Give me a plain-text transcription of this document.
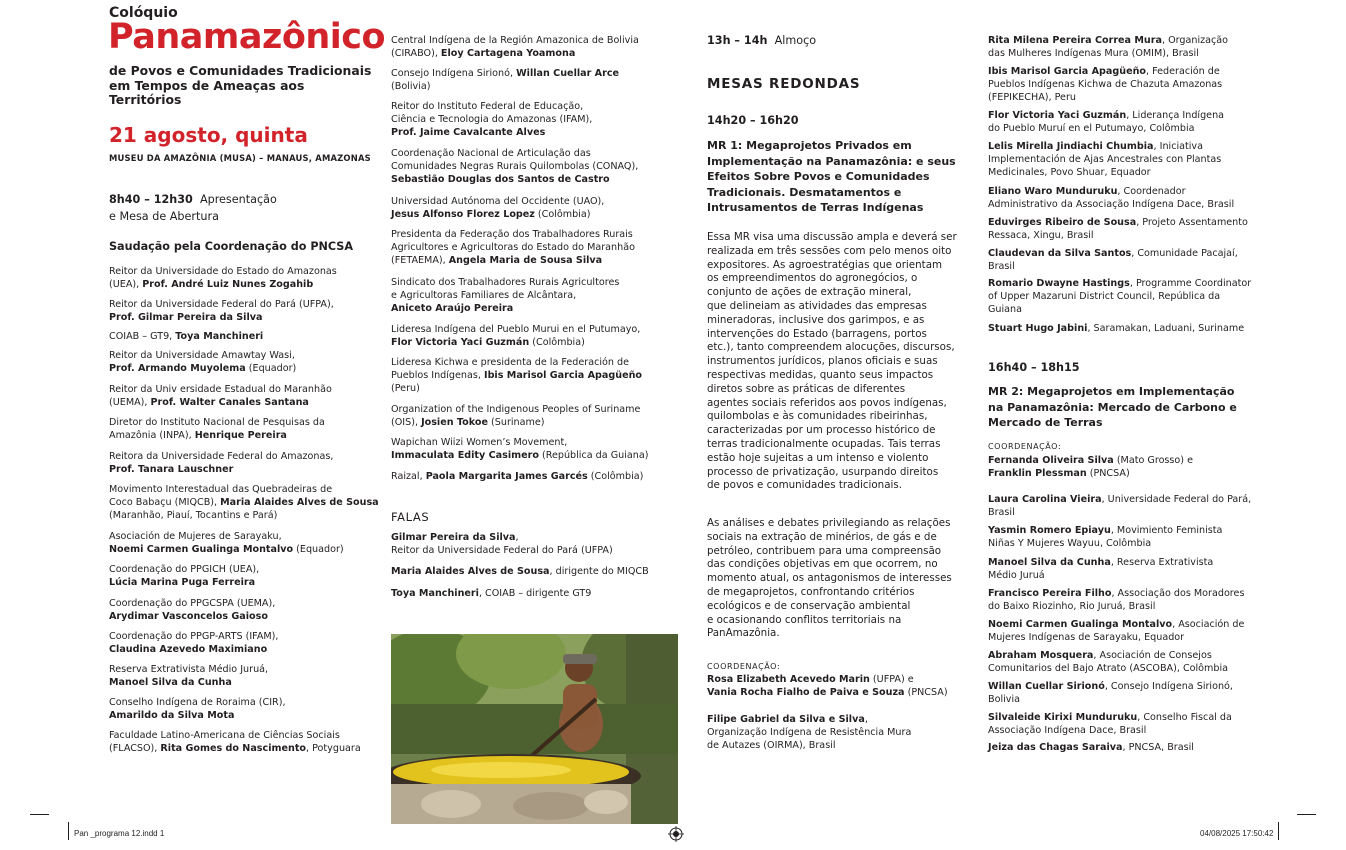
Colóquio
Panamazônico
de Povos e Comunidades Tradicionais
em Tempos de Ameaças aos Territórios
21 agosto, quinta
MUSEU DA AMAZÔNIA (MUSA) – MANAUS, AMAZONAS
8h40 – 12h30 Apresentação
e Mesa de Abertura
Saudação pela Coordenação do PNCSA
Reitor da Universidade do Estado do Amazonas
(UEA), Prof. André Luiz Nunes Zogahib
Reitor da Universidade Federal do Pará (UFPA),
Prof. Gilmar Pereira da Silva
COIAB – GT9, Toya Manchineri
Reitor da Universidade Amawtay Wasi,
Prof. Armando Muyolema (Equador)
Reitor da Univ ersidade Estadual do Maranhão
(UEMA), Prof. Walter Canales Santana
Diretor do Instituto Nacional de Pesquisas da
Amazônia (INPA), Henrique Pereira
Reitora da Universidade Federal do Amazonas,
Prof. Tanara Lauschner
Movimento Interestadual das Quebradeiras de
Coco Babaçu (MIQCB), Maria Alaides Alves de Sousa
(Maranhão, Piauí, Tocantins e Pará)
Asociación de Mujeres de Sarayaku,
Noemi Carmen Gualinga Montalvo (Equador)
Coordenação do PPGICH (UEA),
Lúcia Marina Puga Ferreira
Coordenação do PPGCSPA (UEMA),
Arydimar Vasconcelos Gaioso
Coordenação do PPGP-ARTS (IFAM),
Claudina Azevedo Maximiano
Reserva Extrativista Médio Juruá,
Manoel Silva da Cunha
Conselho Indígena de Roraima (CIR),
Amarildo da Silva Mota
Faculdade Latino-Americana de Ciências Sociais
(FLACSO), Rita Gomes do Nascimento, Potyguara
Central Indígena de la Región Amazonica de Bolivia
(CIRABO), Eloy Cartagena Yoamona
Consejo Indígena Sirionó, Willan Cuellar Arce
(Bolivia)
Reitor do Instituto Federal de Educação,
Ciência e Tecnologia do Amazonas (IFAM),
Prof. Jaime Cavalcante Alves
Coordenação Nacional de Articulação das
Comunidades Negras Rurais Quilombolas (CONAQ),
Sebastião Douglas dos Santos de Castro
Universidad Autónoma del Occidente (UAO),
Jesus Alfonso Florez Lopez (Colômbia)
Presidenta da Federação dos Trabalhadores Rurais
Agricultores e Agricultoras do Estado do Maranhão
(FETAEMA), Angela Maria de Sousa Silva
Sindicato dos Trabalhadores Rurais Agricultores
e Agricultoras Familiares de Alcântara,
Aniceto Araújo Pereira
Lideresa Indígena del Pueblo Murui en el Putumayo,
Flor Victoria Yaci Guzmán (Colômbia)
Lideresa Kichwa e presidenta de la Federación de
Pueblos Indígenas, Ibis Marisol Garcia Apagüeño
(Peru)
Organization of the Indigenous Peoples of Suriname
(OIS), Josien Tokoe (Suriname)
Wapichan Wiizi Women’s Movement,
Immaculata Edity Casimero (República da Guiana)
Raizal, Paola Margarita James Garcés (Colômbia)
FALAS
Gilmar Pereira da Silva,
Reitor da Universidade Federal do Pará (UFPA)
Maria Alaides Alves de Sousa, dirigente do MIQCB
Toya Manchineri, COIAB – dirigente GT9
13h – 14h Almoço
MESAS REDONDAS
14h20 – 16h20
MR 1: Megaprojetos Privados em
Implementação na Panamazônia: e seus
Efeitos Sobre Povos e Comunidades
Tradicionais. Desmatamentos e
Intrusamentos de Terras Indígenas
Essa MR visa uma discussão ampla e deverá ser
realizada em três sessões com pelo menos oito
expositores. As agroestratégias que orientam
os empreendimentos do agronegócios, o
conjunto de ações de extração mineral,
que delineiam as atividades das empresas
mineradoras, inclusive dos garimpos, e as
intervenções do Estado (barragens, portos
etc.), tanto compreendem alocuções, discursos,
instrumentos jurídicos, planos oficiais e suas
respectivas medidas, quanto seus impactos
diretos sobre as práticas de diferentes
agentes sociais referidos aos povos indígenas,
quilombolas e às comunidades ribeirinhas,
caracterizadas por um processo histórico de
terras tradicionalmente ocupadas. Tais terras
estão hoje sujeitas a um intenso e violento
processo de privatização, usurpando direitos
de povos e comunidades tradicionais.
As análises e debates privilegiando as relações
sociais na extração de minérios, de gás e de
petróleo, contribuem para uma compreensão
das condições objetivas em que ocorrem, no
momento atual, os antagonismos de interesses
de megaprojetos, confrontando critérios
ecológicos e de conservação ambiental
e ocasionando conflitos territoriais na
PanAmazônia.
COORDENAÇÃO:
Rosa Elizabeth Acevedo Marin (UFPA) e
Vania Rocha Fialho de Paiva e Souza (PNCSA)
Filipe Gabriel da Silva e Silva,
Organização Indígena de Resistência Mura
de Autazes (OIRMA), Brasil
Rita Milena Pereira Correa Mura, Organização
das Mulheres Indígenas Mura (OMIM), Brasil
Ibis Marisol Garcia Apagüeño, Federación de
Pueblos Indígenas Kichwa de Chazuta Amazonas
(FEPIKECHA), Peru
Flor Victoria Yaci Guzmán, Liderança Indígena
do Pueblo Muruí en el Putumayo, Colômbia
Lelis Mirella Jindiachi Chumbia, Iniciativa
Implementación de Ajas Ancestrales con Plantas
Medicinales, Povo Shuar, Equador
Eliano Waro Munduruku, Coordenador
Administrativo da Associação Indígena Dace, Brasil
Eduvirges Ribeiro de Sousa, Projeto Assentamento
Ressaca, Xingu, Brasil
Claudevan da Silva Santos, Comunidade Pacajaí,
Brasil
Romario Dwayne Hastings, Programme Coordinator
of Upper Mazaruni District Council, República da
Guiana
Stuart Hugo Jabini, Saramakan, Laduani, Suriname
16h40 – 18h15
MR 2: Megaprojetos em Implementação
na Panamazônia: Mercado de Carbono e
Mercado de Terras
COORDENAÇÃO:
Fernanda Oliveira Silva (Mato Grosso) e
Franklin Plessman (PNCSA)
Laura Carolina Vieira, Universidade Federal do Pará,
Brasil
Yasmin Romero Epiayu, Movimiento Feminista
Niñas Y Mujeres Wayuu, Colômbia
Manoel Silva da Cunha, Reserva Extrativista
Médio Juruá
Francisco Pereira Filho, Associação dos Moradores
do Baixo Riozinho, Rio Juruá, Brasil
Noemi Carmen Gualinga Montalvo, Asociación de
Mujeres Indígenas de Sarayaku, Equador
Abraham Mosquera, Asociación de Consejos
Comunitarios del Bajo Atrato (ASCOBA), Colômbia
Willan Cuellar Sirionó, Consejo Indígena Sirionó,
Bolivia
Silvaleide Kirixi Munduruku, Conselho Fiscal da
Associação Indígena Dace, Brasil
Jeiza das Chagas Saraiva, PNCSA, Brasil
Pan _programa 12.indd 1	04/08/2025 17:50:42
